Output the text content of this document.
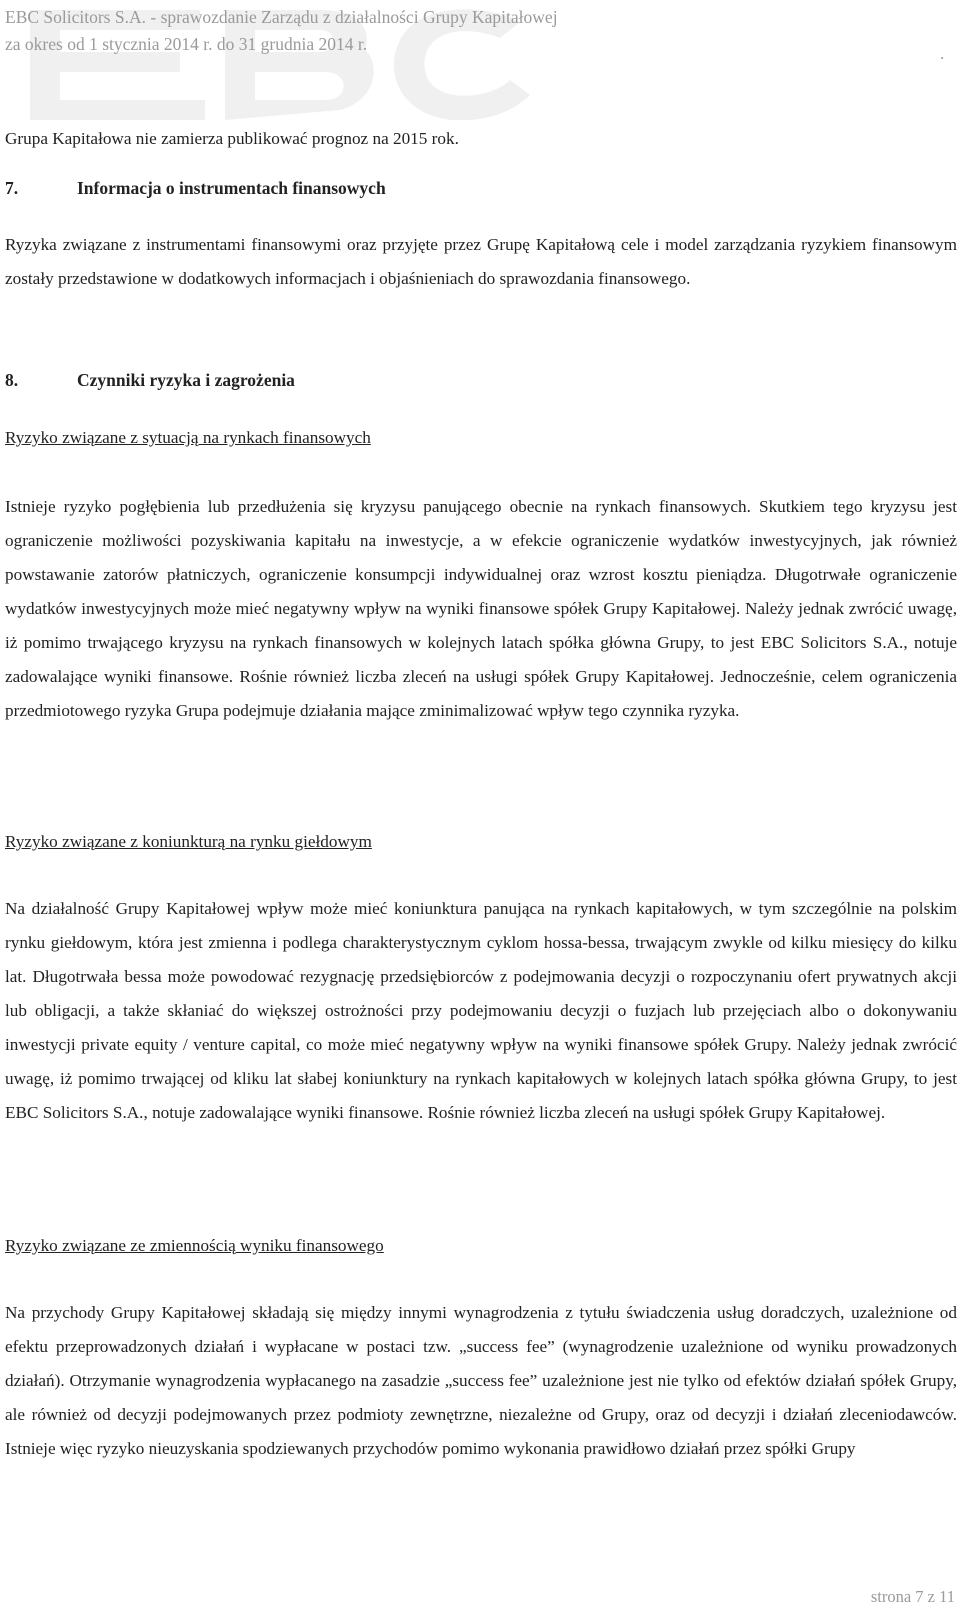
EBC Solicitors S.A. - sprawozdanie Zarządu z działalności Grupy Kapitałowej
za okres od 1 stycznia 2014 r. do 31 grudnia 2014 r.	.

Grupa Kapitałowa nie zamierza publikować prognoz na 2015 rok.

7.	Informacja o instrumentach finansowych

Ryzyka związane z instrumentami finansowymi oraz przyjęte przez Grupę Kapitałową cele i model zarządzania ryzykiem finansowym zostały przedstawione w dodatkowych informacjach i objaśnieniach do sprawozdania finansowego.

8.	Czynniki ryzyka i zagrożenia

Ryzyko związane z sytuacją na rynkach finansowych

Istnieje ryzyko pogłębienia lub przedłużenia się kryzysu panującego obecnie na rynkach finansowych. Skutkiem tego kryzysu jest ograniczenie możliwości pozyskiwania kapitału na inwestycje, a w efekcie ograniczenie wydatków inwestycyjnych, jak również powstawanie zatorów płatniczych, ograniczenie konsumpcji indywidualnej oraz wzrost kosztu pieniądza. Długotrwałe ograniczenie wydatków inwestycyjnych może mieć negatywny wpływ na wyniki finansowe spółek Grupy Kapitałowej. Należy jednak zwrócić uwagę, iż pomimo trwającego kryzysu na rynkach finansowych w kolejnych latach spółka główna Grupy, to jest EBC Solicitors S.A., notuje zadowalające wyniki finansowe. Rośnie również liczba zleceń na usługi spółek Grupy Kapitałowej. Jednocześnie, celem ograniczenia przedmiotowego ryzyka Grupa podejmuje działania mające zminimalizować wpływ tego czynnika ryzyka.

Ryzyko związane z koniunkturą na rynku giełdowym

Na działalność Grupy Kapitałowej wpływ może mieć koniunktura panująca na rynkach kapitałowych, w tym szczególnie na polskim rynku giełdowym, która jest zmienna i podlega charakterystycznym cyklom hossa-bessa, trwającym zwykle od kilku miesięcy do kilku lat. Długotrwała bessa może powodować rezygnację przedsiębiorców z podejmowania decyzji o rozpoczynaniu ofert prywatnych akcji lub obligacji, a także skłaniać do większej ostrożności przy podejmowaniu decyzji o fuzjach lub przejęciach albo o dokonywaniu inwestycji private equity / venture capital, co może mieć negatywny wpływ na wyniki finansowe spółek Grupy. Należy jednak zwrócić uwagę, iż pomimo trwającej od kliku lat słabej koniunktury na rynkach kapitałowych w kolejnych latach spółka główna Grupy, to jest EBC Solicitors S.A., notuje zadowalające wyniki finansowe. Rośnie również liczba zleceń na usługi spółek Grupy Kapitałowej.

Ryzyko związane ze zmiennością wyniku finansowego

Na przychody Grupy Kapitałowej składają się między innymi wynagrodzenia z tytułu świadczenia usług doradczych, uzależnione od efektu przeprowadzonych działań i wypłacane w postaci tzw. „success fee” (wynagrodzenie uzależnione od wyniku prowadzonych działań). Otrzymanie wynagrodzenia wypłacanego na zasadzie „success fee” uzależnione jest nie tylko od efektów działań spółek Grupy, ale również od decyzji podejmowanych przez podmioty zewnętrzne, niezależne od Grupy, oraz od decyzji i działań zleceniodawców. Istnieje więc ryzyko nieuzyskania spodziewanych przychodów pomimo wykonania prawidłowo działań przez spółki Grupy

strona 7 z 11
